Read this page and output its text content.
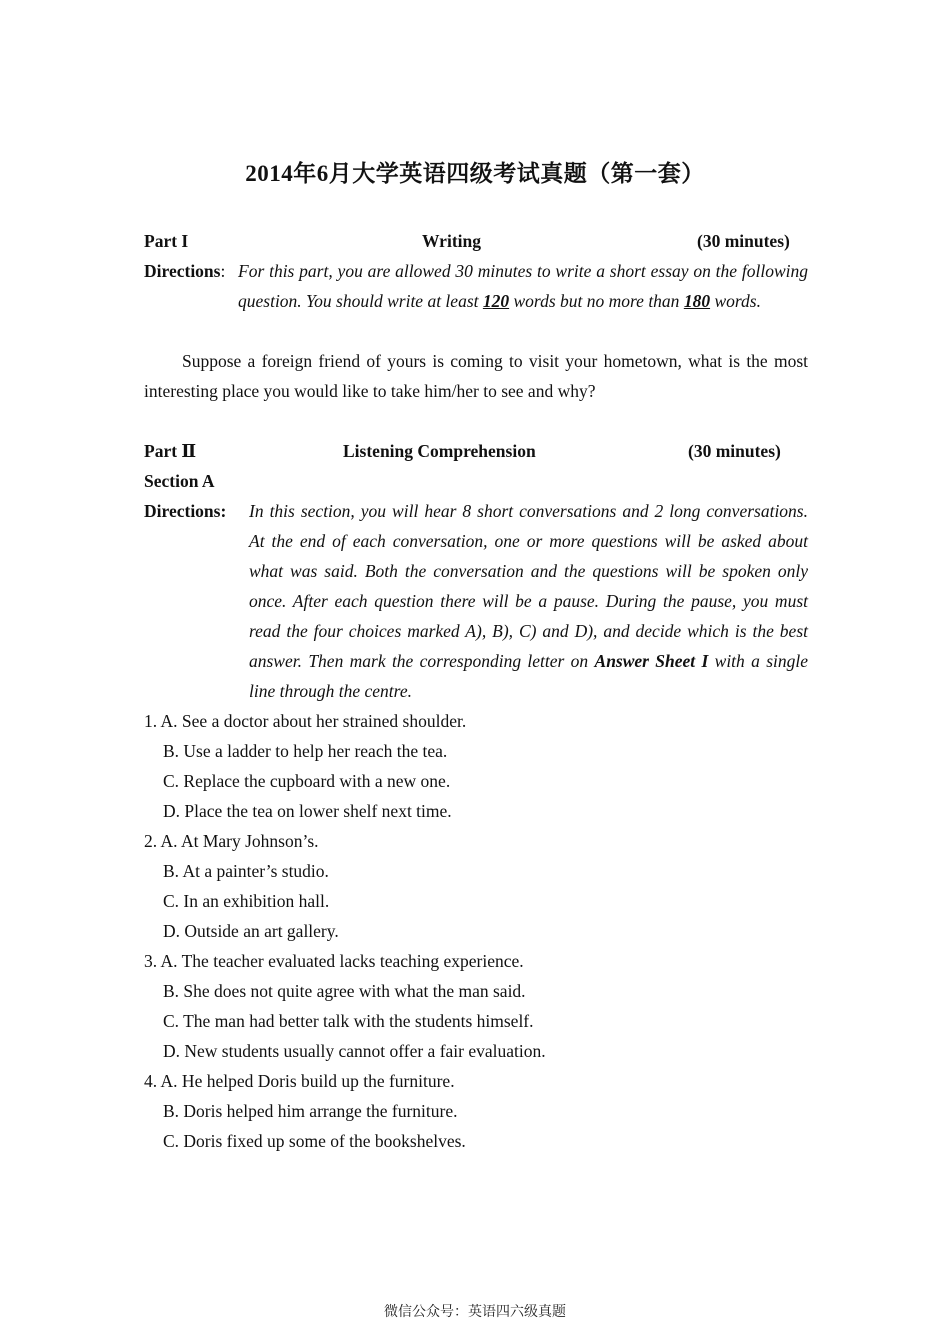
2014年6月大学英语四级考试真题（第一套）
Part I	Writing	(30 minutes)
Directions: For this part, you are allowed 30 minutes to write a short essay on the following question. You should write at least 120 words but no more than 180 words.
Suppose a foreign friend of yours is coming to visit your hometown, what is the most interesting place you would like to take him/her to see and why?
Part Ⅱ	Listening Comprehension	(30 minutes)
Section A
Directions:	In this section, you will hear 8 short conversations and 2 long conversations. At the end of each conversation, one or more questions will be asked about what was said. Both the conversation and the questions will be spoken only once. After each question there will be a pause. During the pause, you must read the four choices marked A), B), C) and D), and decide which is the best answer. Then mark the corresponding letter on Answer Sheet I with a single line through the centre.
1. A. See a doctor about her strained shoulder.
B. Use a ladder to help her reach the tea.
C. Replace the cupboard with a new one.
D. Place the tea on lower shelf next time.
2. A. At Mary Johnson’s.
B. At a painter’s studio.
C. In an exhibition hall.
D. Outside an art gallery.
3. A. The teacher evaluated lacks teaching experience.
B. She does not quite agree with what the man said.
C. The man had better talk with the students himself.
D. New students usually cannot offer a fair evaluation.
4. A. He helped Doris build up the furniture.
B. Doris helped him arrange the furniture.
C. Doris fixed up some of the bookshelves.
微信公众号：英语四六级真题
